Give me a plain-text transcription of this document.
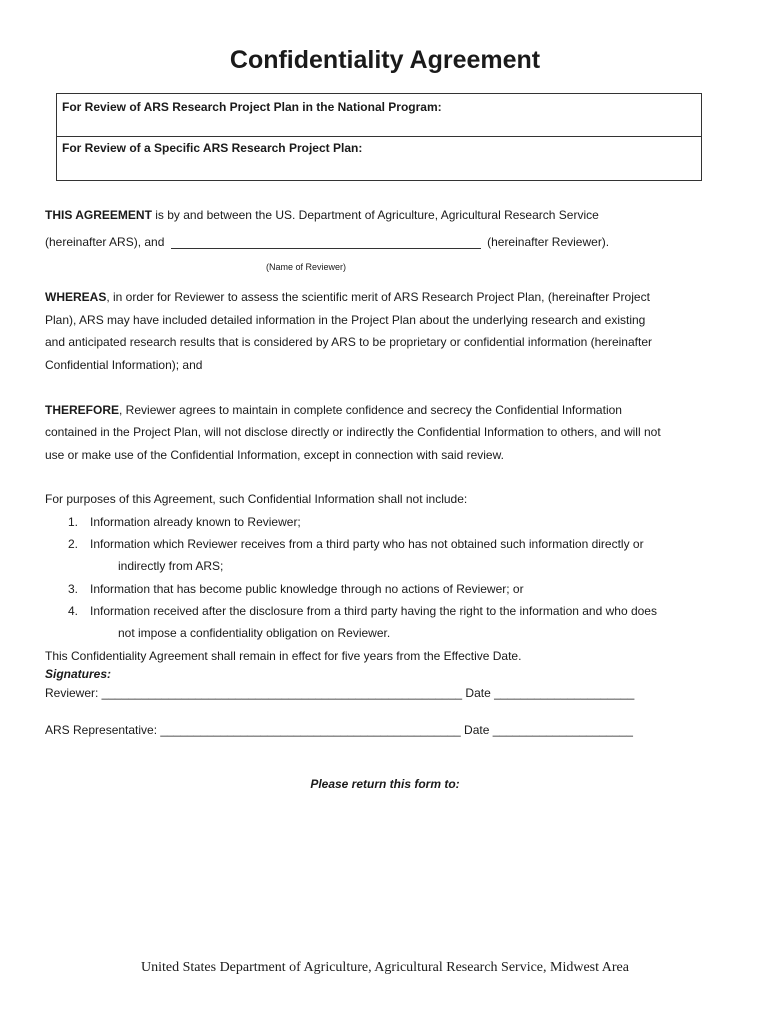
Confidentiality Agreement
For Review of ARS Research Project Plan in the National Program:
For Review of a Specific ARS Research Project Plan:
THIS AGREEMENT is by and between the US. Department of Agriculture, Agricultural Research Service
(hereinafter ARS), and	(hereinafter Reviewer).
(Name of Reviewer)
WHEREAS, in order for Reviewer to assess the scientific merit of ARS Research Project Plan, (hereinafter Project
Plan), ARS may have included detailed information in the Project Plan about the underlying research and existing
and anticipated research results that is considered by ARS to be proprietary or confidential information (hereinafter
Confidential Information); and
THEREFORE, Reviewer agrees to maintain in complete confidence and secrecy the Confidential Information
contained in the Project Plan, will not disclose directly or indirectly the Confidential Information to others, and will not
use or make use of the Confidential Information, except in connection with said review.
For purposes of this Agreement, such Confidential Information shall not include:
1. Information already known to Reviewer;
2. Information which Reviewer receives from a third party who has not obtained such information directly or
indirectly from ARS;
3. Information that has become public knowledge through no actions of Reviewer; or
4. Information received after the disclosure from a third party having the right to the information and who does
not impose a confidentiality obligation on Reviewer.
This Confidentiality Agreement shall remain in effect for five years from the Effective Date.
Signatures:
Reviewer: ______________________________________________________ Date _____________________
ARS Representative: _____________________________________________ Date _____________________
Please return this form to:
United States Department of Agriculture, Agricultural Research Service, Midwest Area
